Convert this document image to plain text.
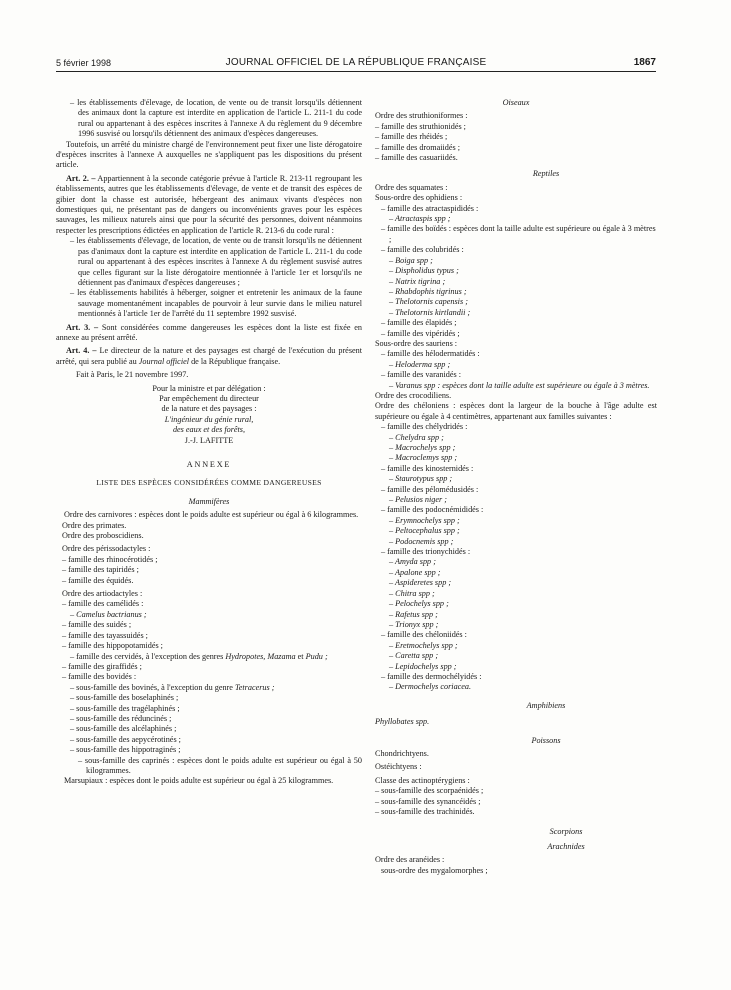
5 février 1998	JOURNAL OFFICIEL DE LA RÉPUBLIQUE FRANÇAISE	1867

– les établissements d'élevage, de location, de vente ou de transit lorsqu'ils détiennent des animaux dont la capture est interdite en application de l'article L. 211-1 du code rural ou appartenant à des espèces inscrites à l'annexe A du règlement du 9 décembre 1996 susvisé ou lorsqu'ils détiennent des animaux d'espèces dangereuses.

Toutefois, un arrêté du ministre chargé de l'environnement peut fixer une liste dérogatoire d'espèces inscrites à l'annexe A auxquelles ne s'appliquent pas les dispositions du présent article.

Art. 2. – Appartiennent à la seconde catégorie prévue à l'article R. 213-11 regroupant les établissements, autres que les établissements d'élevage, de vente et de transit des espèces de gibier dont la chasse est autorisée, hébergeant des animaux vivants d'espèces non domestiques qui, ne présentant pas de dangers ou inconvénients graves pour les espèces sauvages, les milieux naturels ainsi que pour la sécurité des personnes, doivent néanmoins respecter les prescriptions édictées en application de l'article R. 213-6 du code rural :

– les établissements d'élevage, de location, de vente ou de transit lorsqu'ils ne détiennent pas d'animaux dont la capture est interdite en application de l'article L. 211-1 du code rural ou appartenant à des espèces inscrites à l'annexe A du règlement susvisé autres que celles figurant sur la liste dérogatoire mentionnée à l'article 1er et lorsqu'ils ne détiennent pas d'animaux d'espèces dangereuses ;

– les établissements habilités à héberger, soigner et entretenir les animaux de la faune sauvage momentanément incapables de pourvoir à leur survie dans le milieu naturel mentionnés à l'article 1er de l'arrêté du 11 septembre 1992 susvisé.

Art. 3. – Sont considérées comme dangereuses les espèces dont la liste est fixée en annexe au présent arrêté.

Art. 4. – Le directeur de la nature et des paysages est chargé de l'exécution du présent arrêté, qui sera publié au Journal officiel de la République française.

Fait à Paris, le 21 novembre 1997.

Pour la ministre et par délégation :

Par empêchement du directeur

de la nature et des paysages :

L'ingénieur du génie rural,

des eaux et des forêts,

J.-J. LAFITTE

ANNEXE

LISTE DES ESPÈCES CONSIDÉRÉES COMME DANGEREUSES

Mammifères

Ordre des carnivores : espèces dont le poids adulte est supérieur ou égal à 6 kilogrammes.

Ordre des primates.

Ordre des proboscidiens.

Ordre des périssodactyles :

– famille des rhinocérotidés ;

– famille des tapiridés ;

– famille des équidés.

Ordre des artiodactyles :

– famille des camélidés :

– Camelus bactrianus ;

– famille des suidés ;

– famille des tayassuidés ;

– famille des hippopotamidés ;

– famille des cervidés, à l'exception des genres Hydropotes, Mazama et Pudu ;

– famille des giraffidés ;

– famille des bovidés :

– sous-famille des bovinés, à l'exception du genre Tetracerus ;

– sous-famille des boselaphinés ;

– sous-famille des tragélaphinés ;

– sous-famille des réduncinés ;

– sous-famille des alcélaphinés ;

– sous-famille des aepycérotinés ;

– sous-famille des hippotraginés ;

– sous-famille des caprinés : espèces dont le poids adulte est supérieur ou égal à 50 kilogrammes.

Marsupiaux : espèces dont le poids adulte est supérieur ou égal à 25 kilogrammes.

Oiseaux

Ordre des struthioniformes :

– famille des struthionidés ;

– famille des rhéidés ;

– famille des dromaiidés ;

– famille des casuariidés.

Reptiles

Ordre des squamates :

Sous-ordre des ophidiens :

– famille des atractaspididés :

– Atractaspis spp ;

– famille des boïdés : espèces dont la taille adulte est supérieure ou égale à 3 mètres ;

– famille des colubridés :

– Boiga spp ;

– Dispholidus typus ;

– Natrix tigrina ;

– Rhabdophis tigrinus ;

– Thelotornis capensis ;

– Thelotornis kirtlandii ;

– famille des élapidés ;

– famille des vipéridés ;

Sous-ordre des sauriens :

– famille des hélodermatidés :

– Heloderma spp ;

– famille des varanidés :

– Varanus spp : espèces dont la taille adulte est supérieure ou égale à 3 mètres.

Ordre des crocodiliens.

Ordre des chéloniens : espèces dont la largeur de la bouche à l'âge adulte est supérieure ou égale à 4 centimètres, appartenant aux familles suivantes :

– famille des chélydridés :

– Chelydra spp ;

– Macrochelys spp ;

– Macroclemys spp ;

– famille des kinosternidés :

– Staurotypus spp ;

– famille des pélomédusidés :

– Pelusios niger ;

– famille des podocnémididés :

– Erymnochelys spp ;

– Peltocephalus spp ;

– Podocnemis spp ;

– famille des trionychidés :

– Amyda spp ;

– Apalone spp ;

– Aspideretes spp ;

– Chitra spp ;

– Pelochelys spp ;

– Rafetus spp ;

– Trionyx spp ;

– famille des chéloniidés :

– Eretmochelys spp ;

– Caretta spp ;

– Lepidochelys spp ;

– famille des dermochélyidés :

– Dermochelys coriacea.

Amphibiens

Phyllobates spp.

Poissons

Chondrichtyens.

Ostéichtyens :

Classe des actinoptérygiens :

– sous-famille des scorpaénidés ;

– sous-famille des synancéidés ;

– sous-famille des trachinidés.

Scorpions

Arachnides

Ordre des aranéides :

sous-ordre des mygalomorphes ;
